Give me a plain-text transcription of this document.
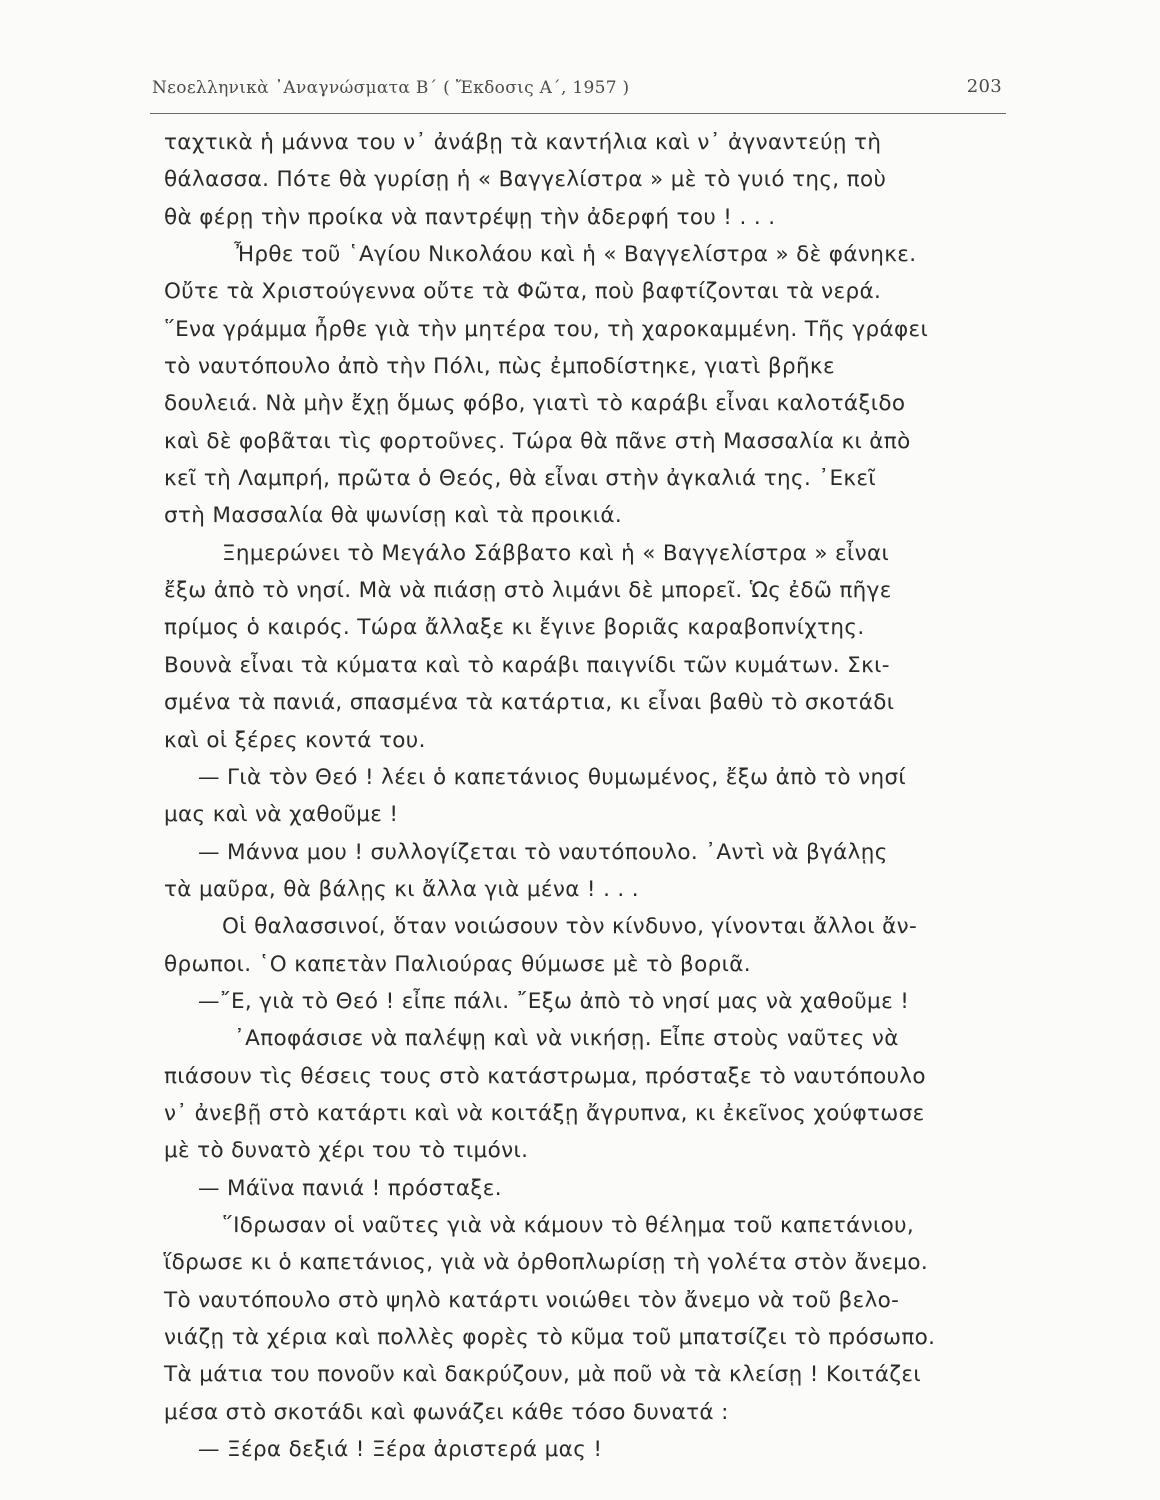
Νεοελληνικὰ ᾿Αναγνώσματα Β΄ ( Ἔκδοσις Α΄, 1957 )	203
ταχτικὰ ἡ μάννα του ν᾿ ἀνάβῃ τὰ καντήλια καὶ ν᾿ ἀγναντεύῃ τὴ
θάλασσα. Πότε θὰ γυρίσῃ ἡ « Βαγγελίστρα » μὲ τὸ γυιό της, ποὺ
θὰ φέρῃ τὴν προίκα νὰ παντρέψῃ τὴν ἀδερφή του ! . . .
Ἦρθε τοῦ ῾Αγίου Νικολάου καὶ ἡ « Βαγγελίστρα » δὲ φάνηκε.
Οὔτε τὰ Χριστούγεννα οὔτε τὰ Φῶτα, ποὺ βαφτίζονται τὰ νερά.
῞Ενα γράμμα ἦρθε γιὰ τὴν μητέρα του, τὴ χαροκαμμένη. Τῆς γράφει
τὸ ναυτόπουλο ἀπὸ τὴν Πόλι, πὼς ἐμποδίστηκε, γιατὶ βρῆκε
δουλειά. Νὰ μὴν ἔχῃ ὅμως φόβο, γιατὶ τὸ καράβι εἶναι καλοτάξιδο
καὶ δὲ φοβᾶται τὶς φορτοῦνες. Τώρα θὰ πᾶνε στὴ Μασσαλία κι ἀπὸ
κεῖ τὴ Λαμπρή, πρῶτα ὁ Θεός, θὰ εἶναι στὴν ἀγκαλιά της. ᾿Εκεῖ
στὴ Μασσαλία θὰ ψωνίσῃ καὶ τὰ προικιά.
Ξημερώνει τὸ Μεγάλο Σάββατο καὶ ἡ « Βαγγελίστρα » εἶναι
ἔξω ἀπὸ τὸ νησί. Μὰ νὰ πιάσῃ στὸ λιμάνι δὲ μπορεῖ. Ὡς ἐδῶ πῆγε
πρίμος ὁ καιρός. Τώρα ἄλλαξε κι ἔγινε βοριᾶς καραβοπνίχτης.
Βουνὰ εἶναι τὰ κύματα καὶ τὸ καράβι παιγνίδι τῶν κυμάτων. Σκι-
σμένα τὰ πανιά, σπασμένα τὰ κατάρτια, κι εἶναι βαθὺ τὸ σκοτάδι
καὶ οἱ ξέρες κοντά του.
— Γιὰ τὸν Θεό ! λέει ὁ καπετάνιος θυμωμένος, ἔξω ἀπὸ τὸ νησί
μας καὶ νὰ χαθοῦμε !
— Μάννα μου ! συλλογίζεται τὸ ναυτόπουλο. ᾿Αντὶ νὰ βγάλῃς
τὰ μαῦρα, θὰ βάλῃς κι ἄλλα γιὰ μένα ! . . .
Οἱ θαλασσινοί, ὅταν νοιώσουν τὸν κίνδυνο, γίνονται ἄλλοι ἄν-
θρωποι. ῾Ο καπετὰν Παλιούρας θύμωσε μὲ τὸ βοριᾶ.
—῎Ε, γιὰ τὸ Θεό ! εἶπε πάλι. ῎Εξω ἀπὸ τὸ νησί μας νὰ χαθοῦμε !
᾿Αποφάσισε νὰ παλέψῃ καὶ νὰ νικήσῃ. Εἶπε στοὺς ναῦτες νὰ
πιάσουν τὶς θέσεις τους στὸ κατάστρωμα, πρόσταξε τὸ ναυτόπουλο
ν᾿ ἀνεβῇ στὸ κατάρτι καὶ νὰ κοιτάξῃ ἄγρυπνα, κι ἐκεῖνος χούφτωσε
μὲ τὸ δυνατὸ χέρι του τὸ τιμόνι.
— Μάϊνα πανιά ! πρόσταξε.
῞Ιδρωσαν οἱ ναῦτες γιὰ νὰ κάμουν τὸ θέλημα τοῦ καπετάνιου,
ἵδρωσε κι ὁ καπετάνιος, γιὰ νὰ ὀρθοπλωρίσῃ τὴ γολέτα στὸν ἄνεμο.
Τὸ ναυτόπουλο στὸ ψηλὸ κατάρτι νοιώθει τὸν ἄνεμο νὰ τοῦ βελο-
νιάζῃ τὰ χέρια καὶ πολλὲς φορὲς τὸ κῦμα τοῦ μπατσίζει τὸ πρόσωπο.
Τὰ μάτια του πονοῦν καὶ δακρύζουν, μὰ ποῦ νὰ τὰ κλείσῃ ! Κοιτάζει
μέσα στὸ σκοτάδι καὶ φωνάζει κάθε τόσο δυνατά :
— Ξέρα δεξιά ! Ξέρα ἀριστερά μας !
